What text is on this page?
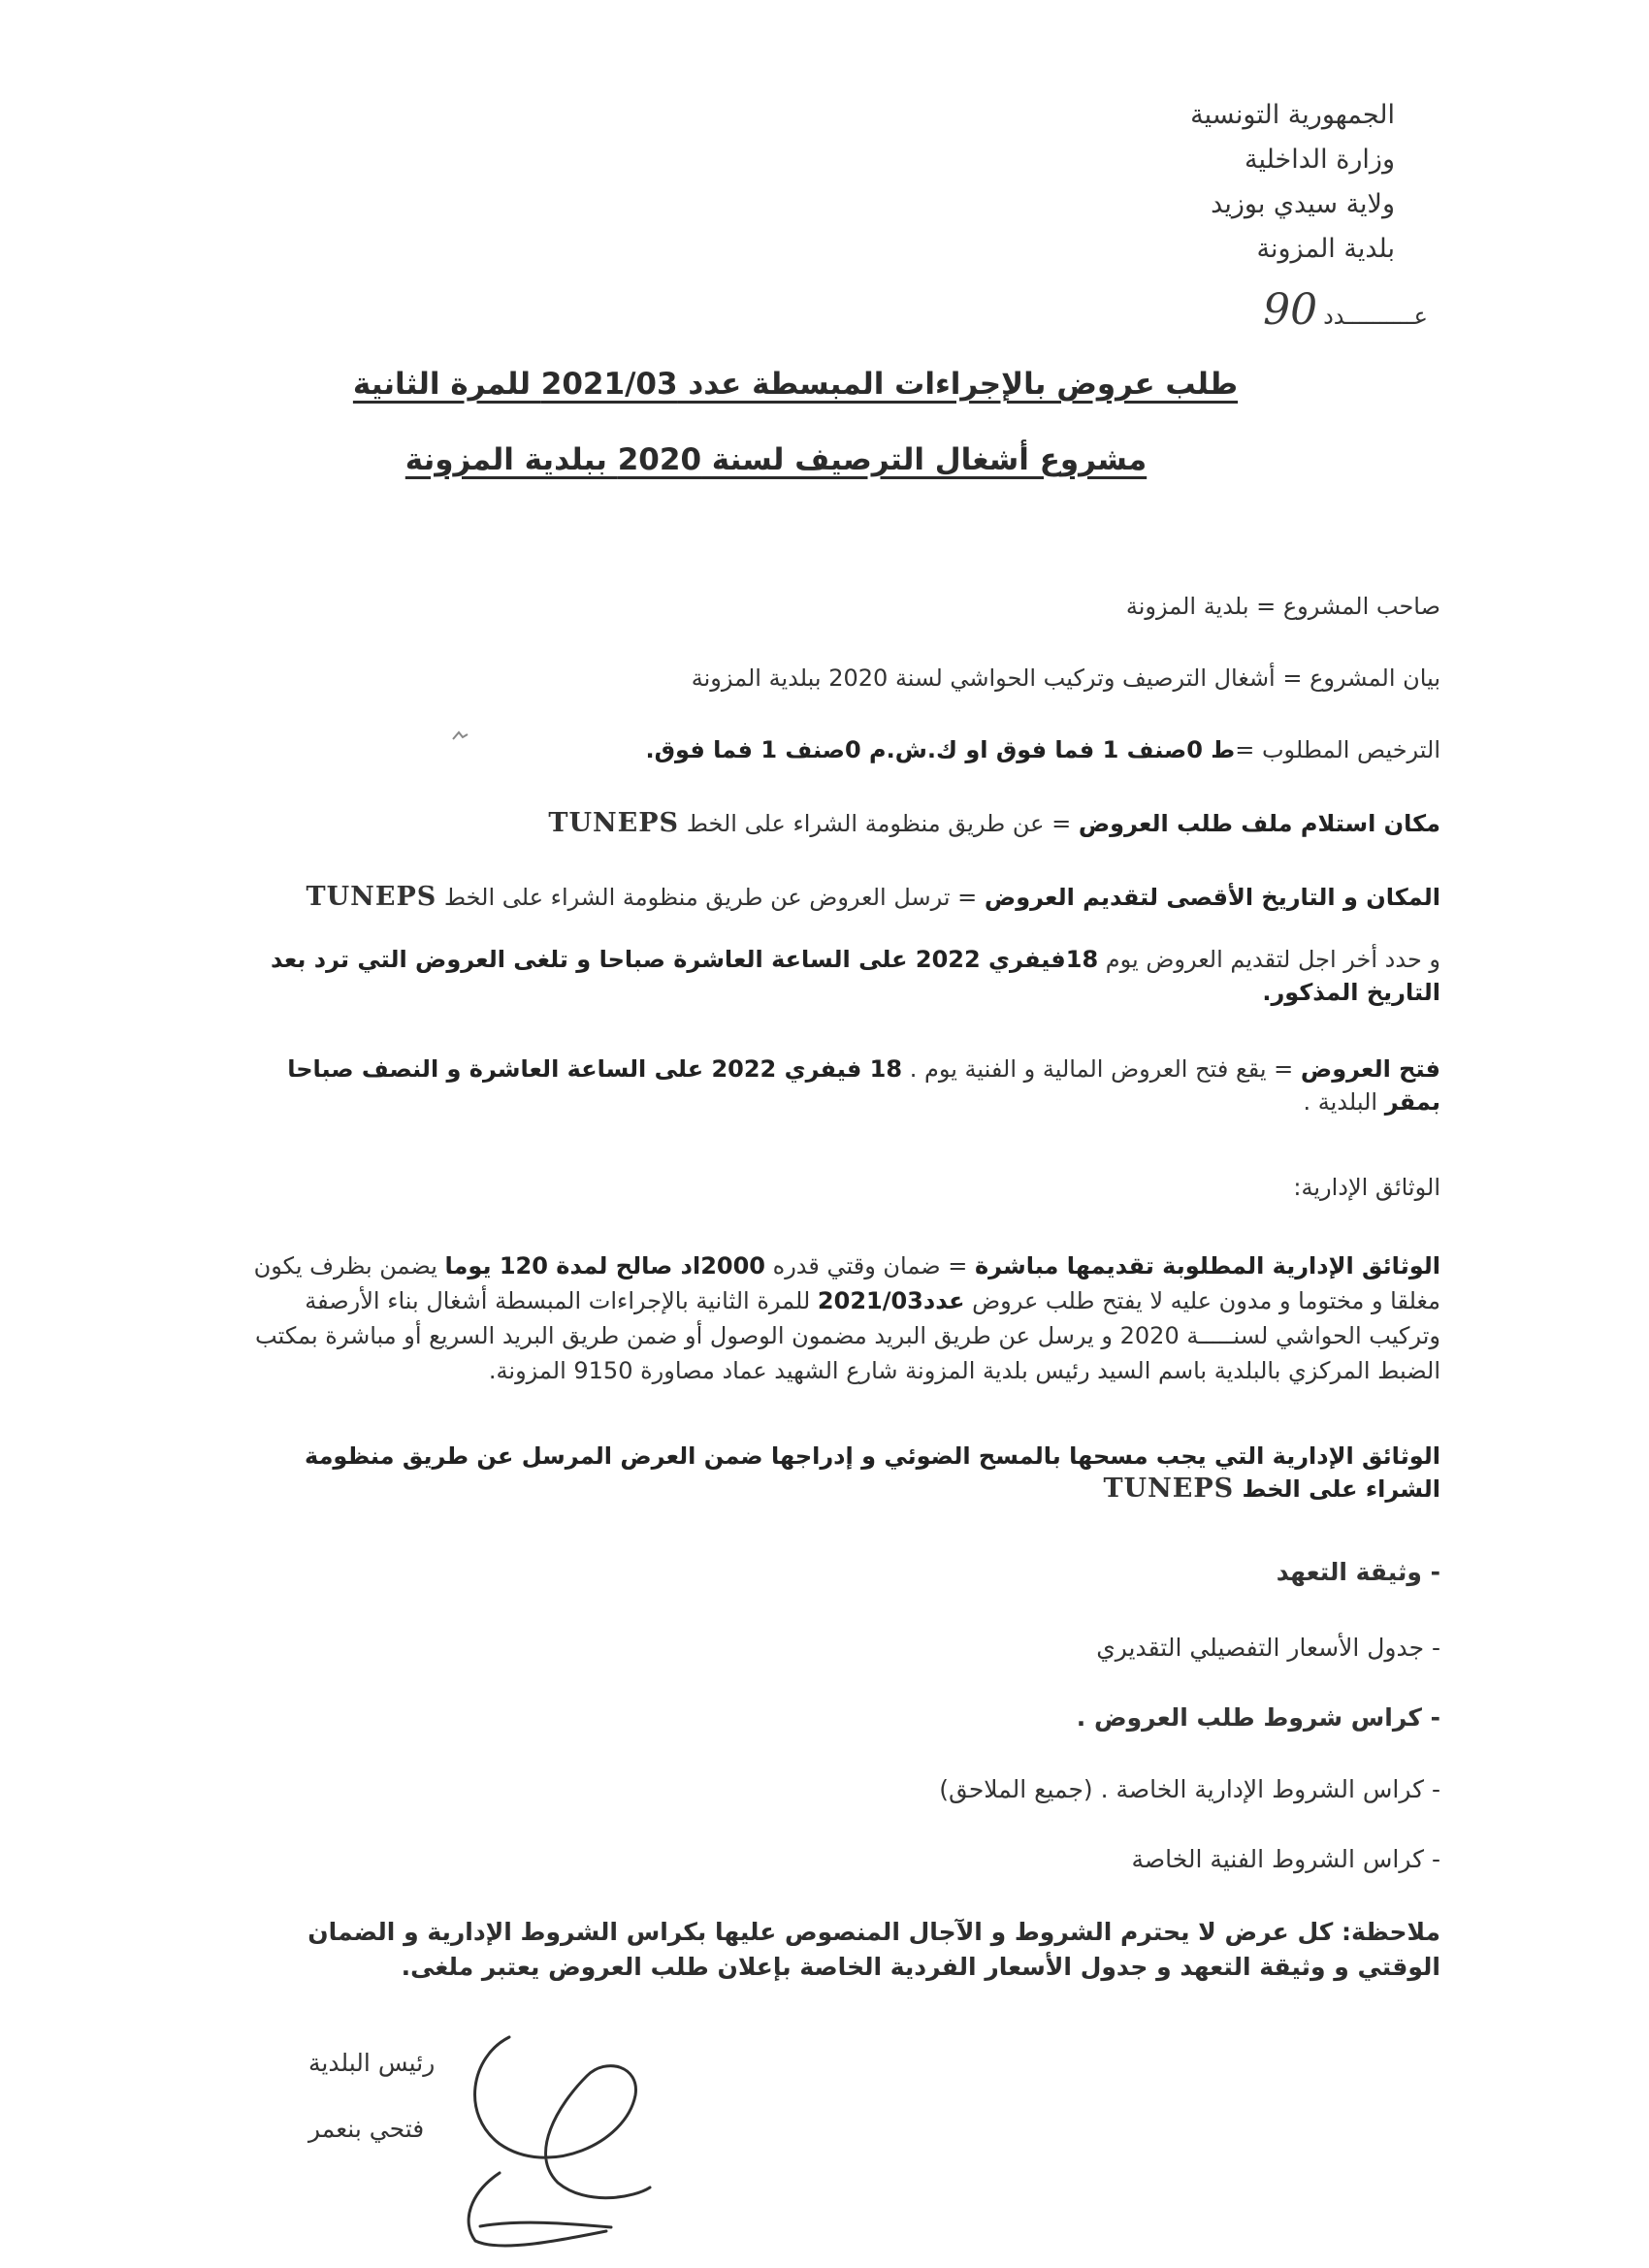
الجمهورية التونسية
وزارة الداخلية
ولاية سيدي بوزيد
بلدية المزونة
عــــــــــدد
90
طلب عروض بالإجراءات المبسطة عدد 2021/03 للمرة الثانية
مشروع أشغال الترصيف لسنة 2020 ببلدية المزونة
صاحب المشروع = بلدية المزونة
بيان المشروع = أشغال الترصيف وتركيب الحواشي لسنة 2020 ببلدية المزونة
الترخيص المطلوب =ط 0صنف 1 فما فوق او ك.ش.م 0صنف 1 فما فوق.
مكان استلام ملف طلب العروض = عن طريق منظومة الشراء على الخط TUNEPS
المكان و التاريخ الأقصى لتقديم العروض = ترسل العروض عن طريق منظومة الشراء على الخط TUNEPS
و حدد أخر اجل لتقديم العروض يوم 18فيفري 2022 على الساعة العاشرة صباحا و تلغى العروض التي ترد بعد التاريخ المذكور.
فتح العروض = يقع فتح العروض المالية و الفنية يوم . 18 فيفري 2022 على الساعة العاشرة و النصف صباحا بمقر البلدية .
الوثائق الإدارية:
الوثائق الإدارية المطلوبة تقديمها مباشرة = ضمان وقتي قدره 2000اد صالح لمدة 120 يوما يضمن بظرف يكون مغلقا و مختوما و مدون عليه لا يفتح طلب عروض عدد2021/03 للمرة الثانية بالإجراءات المبسطة أشغال بناء الأرصفة وتركيب الحواشي لسنـــــة 2020 و يرسل عن طريق البريد مضمون الوصول أو ضمن طريق البريد السريع أو مباشرة بمكتب الضبط المركزي بالبلدية باسم السيد رئيس بلدية المزونة شارع الشهيد عماد مصاورة 9150 المزونة.
الوثائق الإدارية التي يجب مسحها بالمسح الضوئي و إدراجها ضمن العرض المرسل عن طريق منظومة الشراء على الخط TUNEPS
- وثيقة التعهد
- جدول الأسعار التفصيلي التقديري
- كراس شروط طلب العروض .
- كراس الشروط الإدارية الخاصة . (جميع الملاحق)
- كراس الشروط الفنية الخاصة
ملاحظة: كل عرض لا يحترم الشروط و الآجال المنصوص عليها بكراس الشروط الإدارية و الضمان الوقتي و وثيقة التعهد و جدول الأسعار الفردية الخاصة بإعلان طلب العروض يعتبر ملغى.
رئيس البلدية
فتحي بنعمر
